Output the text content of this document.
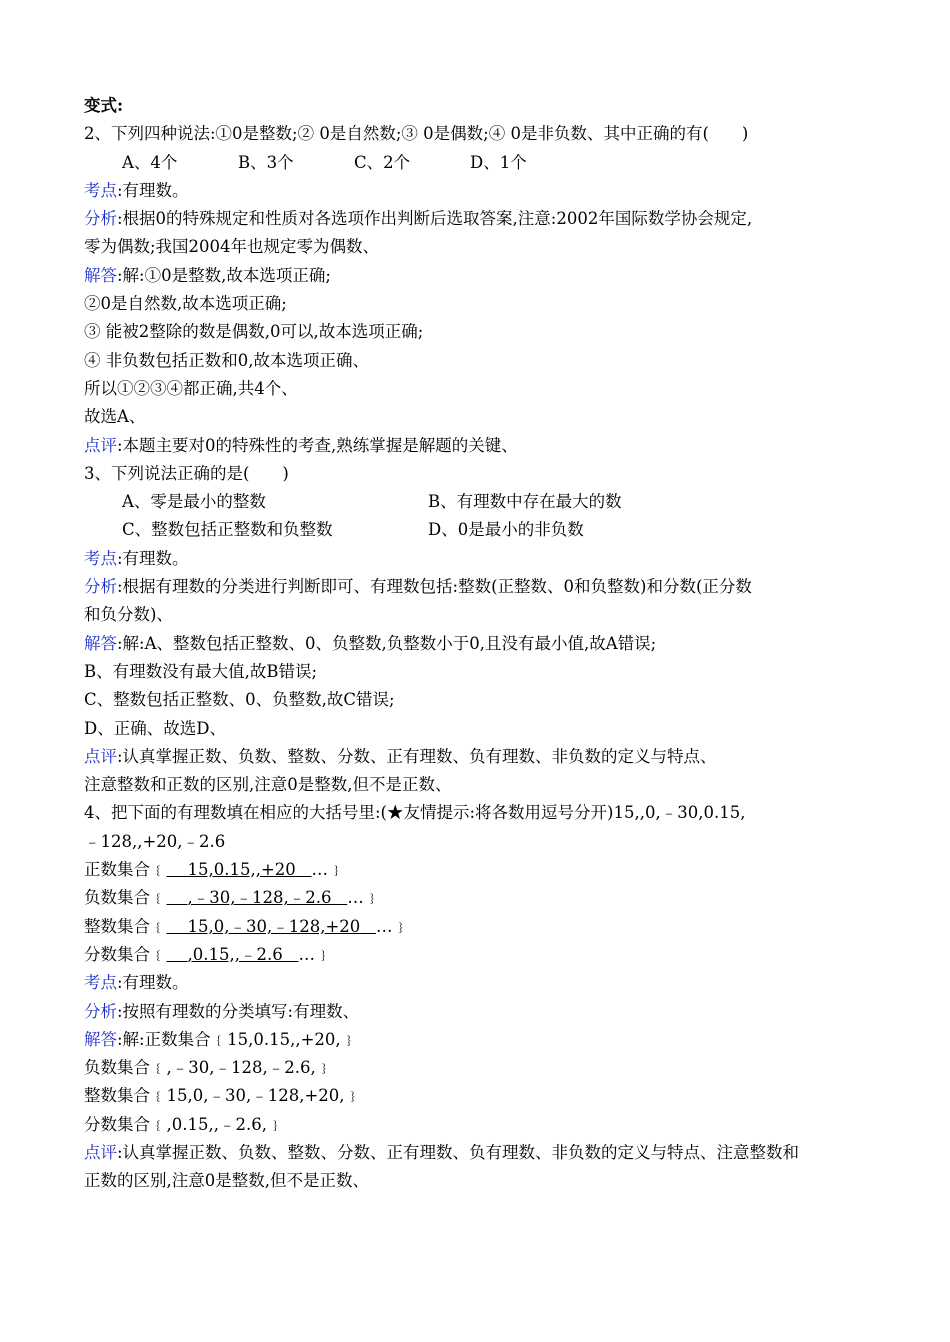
变式:
2、下列四种说法:①0是整数;② 0是自然数;③ 0是偶数;④ 0是非负数、其中正确的有(　　)
A、4个	B、3个	C、2个	D、1个
考点:有理数。
分析:根据0的特殊规定和性质对各选项作出判断后选取答案,注意:2002年国际数学协会规定,
零为偶数;我国2004年也规定零为偶数、
解答:解:①0是整数,故本选项正确;
②0是自然数,故本选项正确;
③ 能被2整除的数是偶数,0可以,故本选项正确;
④ 非负数包括正数和0,故本选项正确、
所以①②③④都正确,共4个、
故选A、
点评:本题主要对0的特殊性的考查,熟练掌握是解题的关键、
3、下列说法正确的是(　　)
A、零是最小的整数	B、有理数中存在最大的数
C、整数包括正整数和负整数	D、0是最小的非负数
考点:有理数。
分析:根据有理数的分类进行判断即可、有理数包括:整数(正整数、0和负整数)和分数(正分数
和负分数)、
解答:解:A、整数包括正整数、0、负整数,负整数小于0,且没有最小值,故A错误;
B、有理数没有最大值,故B错误;
C、整数包括正整数、0、负整数,故C错误;
D、正确、故选D、
点评:认真掌握正数、负数、整数、分数、正有理数、负有理数、非负数的定义与特点、
注意整数和正数的区别,注意0是整数,但不是正数、
4、把下面的有理数填在相应的大括号里:(★友情提示:将各数用逗号分开)15,,0,﹣30,0.15,
﹣128,,+20,﹣2.6
正数集合﹛ 15,0.15,,+20 …﹜
负数集合﹛ ,﹣30,﹣128,﹣2.6 …﹜
整数集合﹛ 15,0,﹣30,﹣128,+20 …﹜
分数集合﹛ ,0.15,,﹣2.6 …﹜
考点:有理数。
分析:按照有理数的分类填写:有理数、
解答:解:正数集合﹛15,0.15,,+20,﹜
负数集合﹛,﹣30,﹣128,﹣2.6,﹜
整数集合﹛15,0,﹣30,﹣128,+20,﹜
分数集合﹛,0.15,,﹣2.6,﹜
点评:认真掌握正数、负数、整数、分数、正有理数、负有理数、非负数的定义与特点、注意整数和
正数的区别,注意0是整数,但不是正数、
